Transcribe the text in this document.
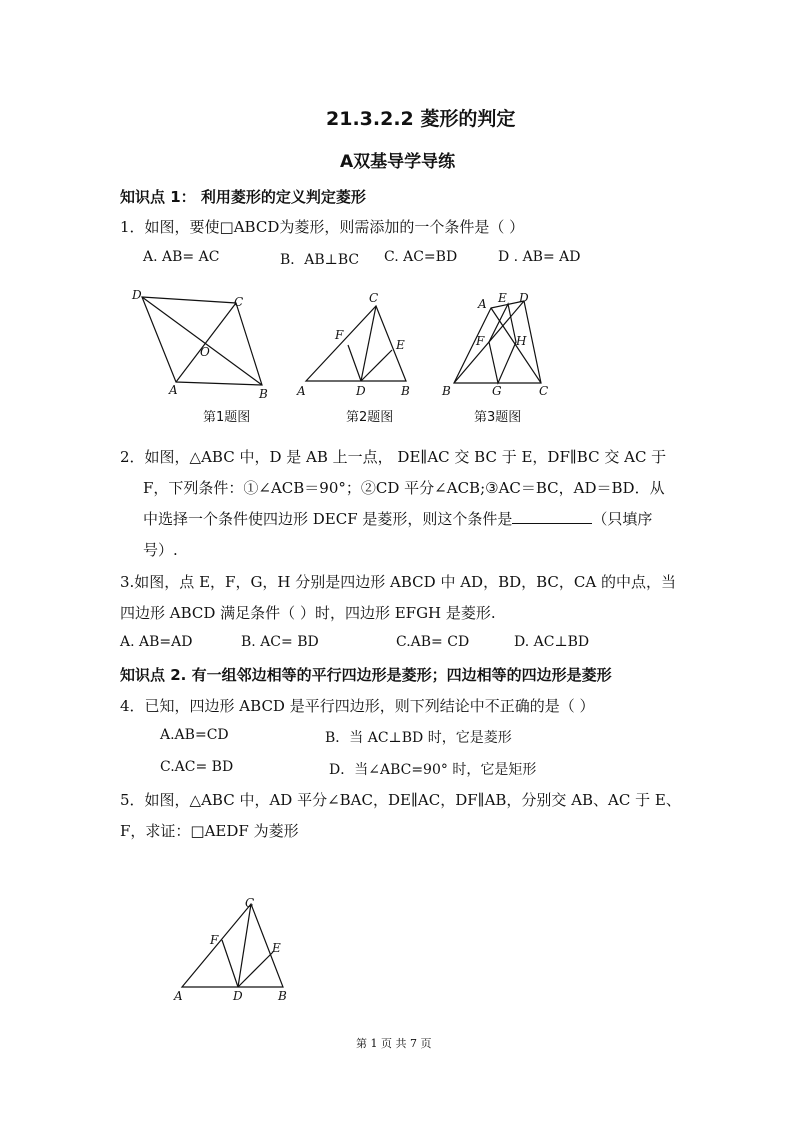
21.3.2.2 菱形的判定
A双基导学导练
知识点 1： 利用菱形的定义判定菱形
1．如图，要使□ABCD为菱形，则需添加的一个条件是（ ）
A. AB= AC	B．AB⊥BC C. AC=BD	D . AB= AD
D	C
O
A	B
第1题图
C
F
E
A	D	B
第2题图
A E D
F	H
B	G	C
第3题图
2．如图，△ABC 中，D 是 AB 上一点， DE∥AC 交 BC 于 E，DF∥BC 交 AC 于
F，下列条件：①∠ACB＝90°；②CD 平分∠ACB;③AC＝BC，AD＝BD．从
中选择一个条件使四边形 DECF 是菱形，则这个条件是	（只填序
号）.
3.如图，点 E，F，G，H 分别是四边形 ABCD 中 AD，BD，BC，CA 的中点，当
四边形 ABCD 满足条件（ ）时，四边形 EFGH 是菱形.
A. AB=AD	B. AC= BD	C.AB= CD	D. AC⊥BD
知识点 2. 有一组邻边相等的平行四边形是菱形；四边相等的四边形是菱形
4．已知，四边形 ABCD 是平行四边形，则下列结论中不正确的是（ ）
A.AB=CD	B．当 AC⊥BD 时，它是菱形
C.AC= BD	D．当∠ABC=90° 时，它是矩形
5．如图，△ABC 中，AD 平分∠BAC，DE∥AC，DF∥AB，分别交 AB、AC 于 E、
F，求证：□AEDF 为菱形
C
F
E
A	D	B
第 1 页 共 7 页
